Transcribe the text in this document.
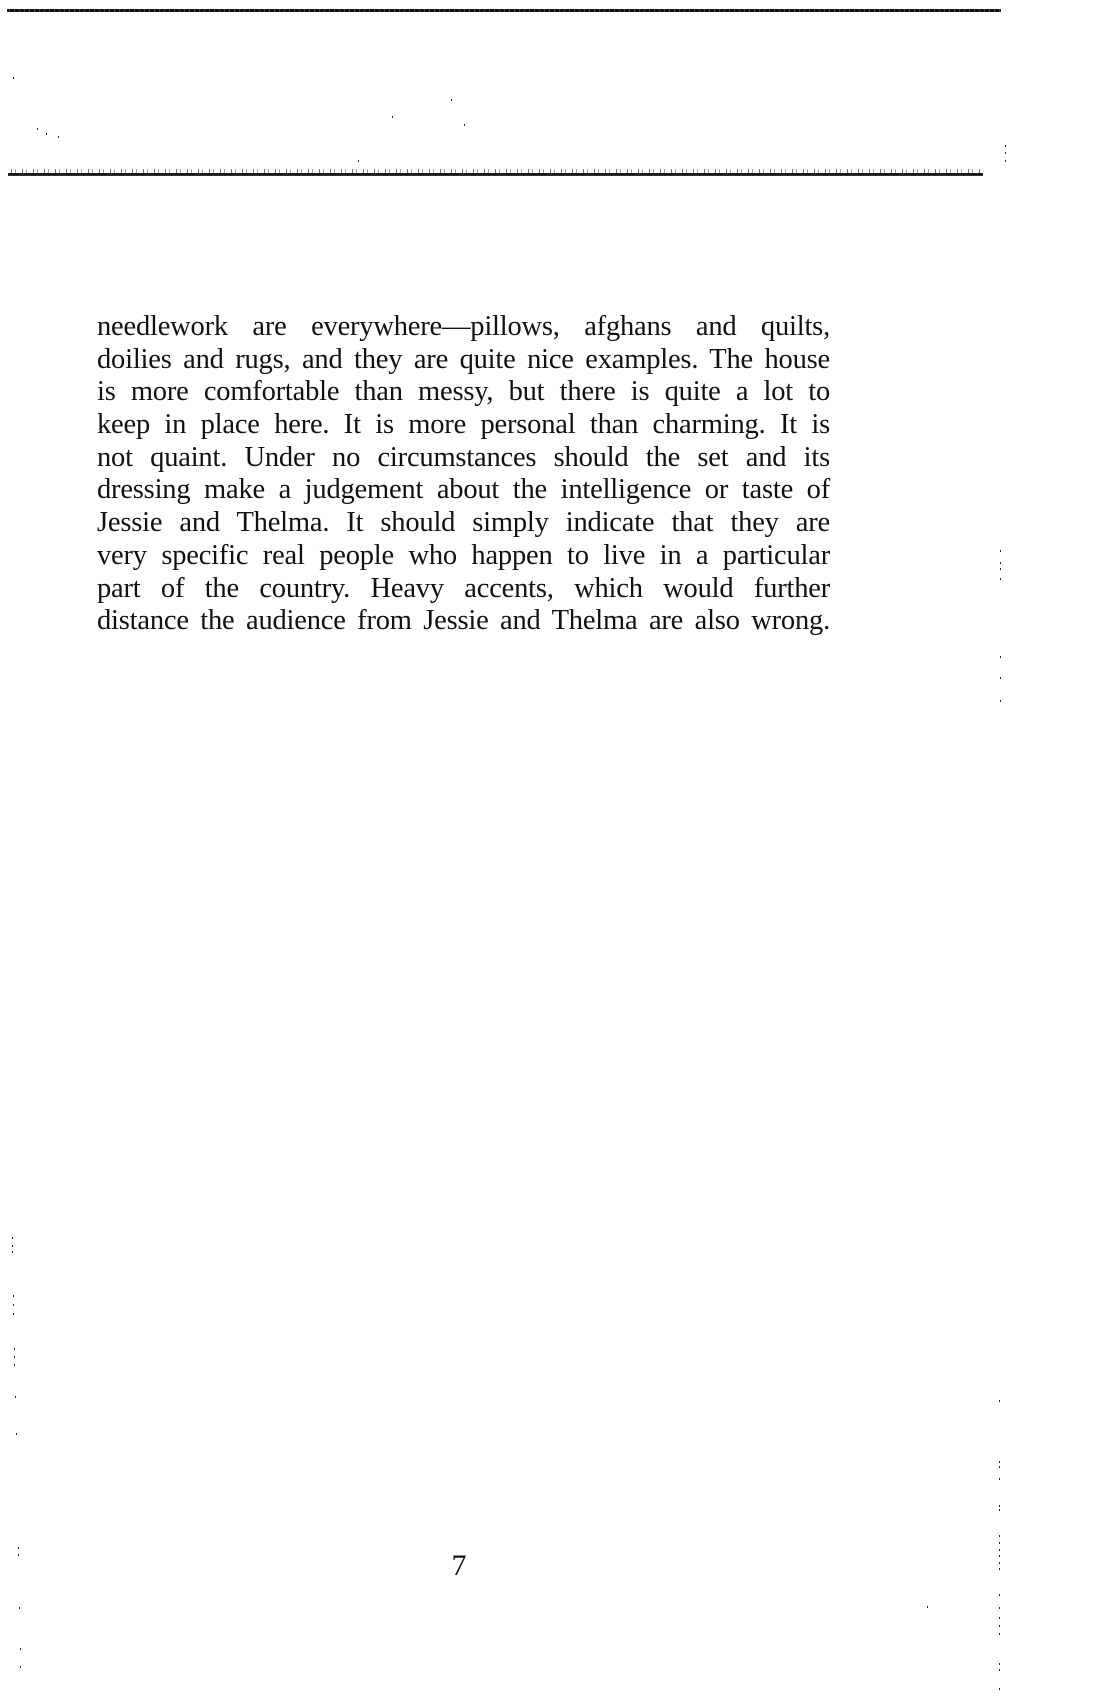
needlework are everywhere—pillows, afghans and quilts,
doilies and rugs, and they are quite nice examples. The house
is more comfortable than messy, but there is quite a lot to
keep in place here. It is more personal than charming. It is
not quaint. Under no circumstances should the set and its
dressing make a judgement about the intelligence or taste of
Jessie and Thelma. It should simply indicate that they are
very specific real people who happen to live in a particular
part of the country. Heavy accents, which would further
distance the audience from Jessie and Thelma are also wrong.
7
